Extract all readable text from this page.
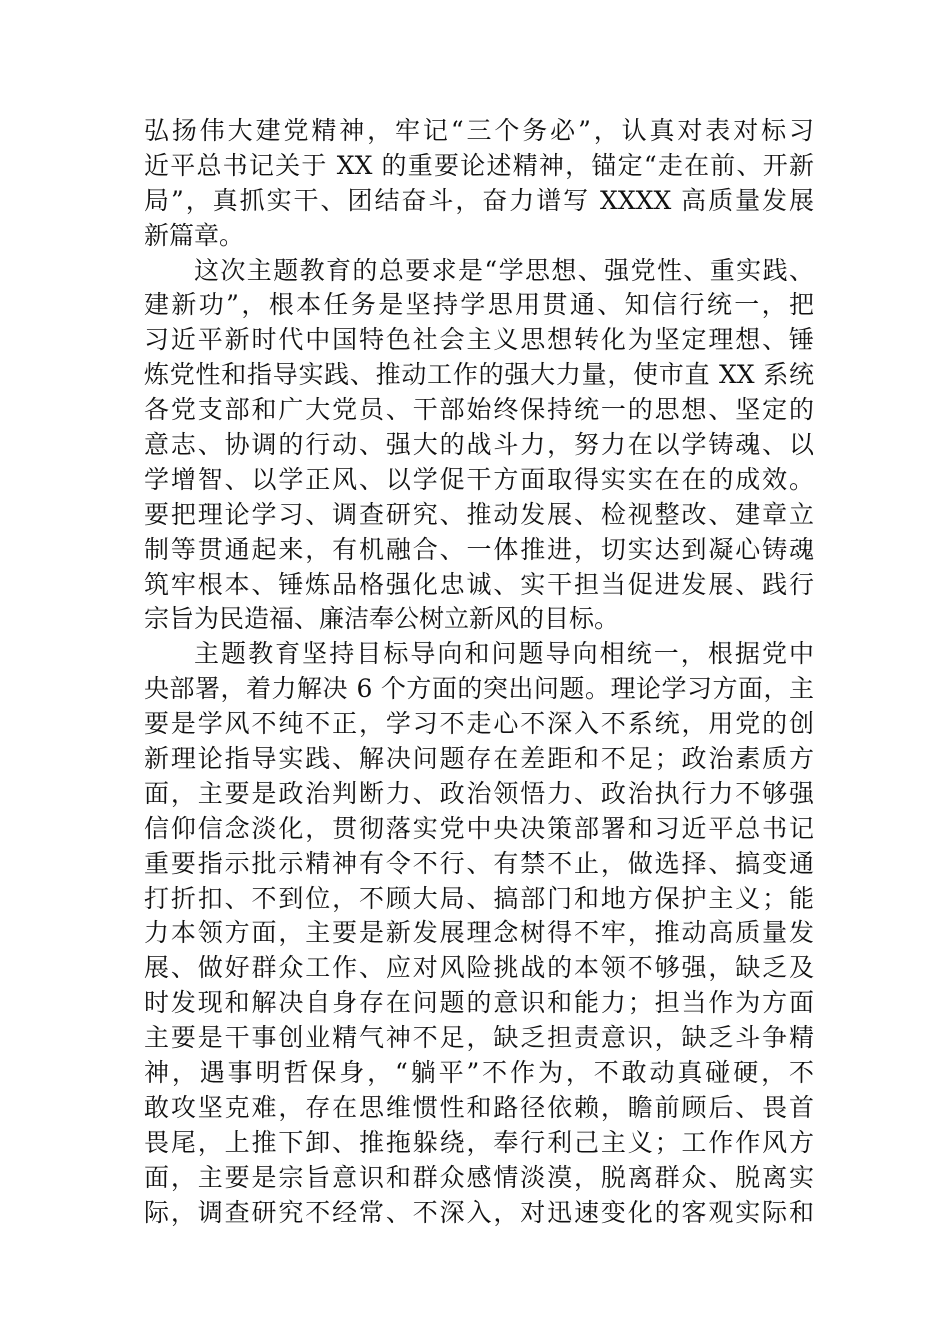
弘扬伟大建党精神，牢记“三个务必”，认真对表对标习
近平总书记关于 XX 的重要论述精神，锚定“走在前、开新
局”，真抓实干、团结奋斗，奋力谱写 XXXX 高质量发展
新篇章。
这次主题教育的总要求是“学思想、强党性、重实践、
建新功”，根本任务是坚持学思用贯通、知信行统一，把
习近平新时代中国特色社会主义思想转化为坚定理想、锤
炼党性和指导实践、推动工作的强大力量，使市直 XX 系统
各党支部和广大党员、干部始终保持统一的思想、坚定的
意志、协调的行动、强大的战斗力，努力在以学铸魂、以
学增智、以学正风、以学促干方面取得实实在在的成效。
要把理论学习、调查研究、推动发展、检视整改、建章立
制等贯通起来，有机融合、一体推进，切实达到凝心铸魂
筑牢根本、锤炼品格强化忠诚、实干担当促进发展、践行
宗旨为民造福、廉洁奉公树立新风的目标。
主题教育坚持目标导向和问题导向相统一，根据党中
央部署，着力解决 6 个方面的突出问题。理论学习方面，主
要是学风不纯不正，学习不走心不深入不系统，用党的创
新理论指导实践、解决问题存在差距和不足；政治素质方
面，主要是政治判断力、政治领悟力、政治执行力不够强
信仰信念淡化，贯彻落实党中央决策部署和习近平总书记
重要指示批示精神有令不行、有禁不止，做选择、搞变通
打折扣、不到位，不顾大局、搞部门和地方保护主义；能
力本领方面，主要是新发展理念树得不牢，推动高质量发
展、做好群众工作、应对风险挑战的本领不够强，缺乏及
时发现和解决自身存在问题的意识和能力；担当作为方面
主要是干事创业精气神不足，缺乏担责意识，缺乏斗争精
神，遇事明哲保身，“躺平”不作为，不敢动真碰硬，不
敢攻坚克难，存在思维惯性和路径依赖，瞻前顾后、畏首
畏尾，上推下卸、推拖躲绕，奉行利己主义；工作作风方
面，主要是宗旨意识和群众感情淡漠，脱离群众、脱离实
际，调查研究不经常、不深入，对迅速变化的客观实际和
